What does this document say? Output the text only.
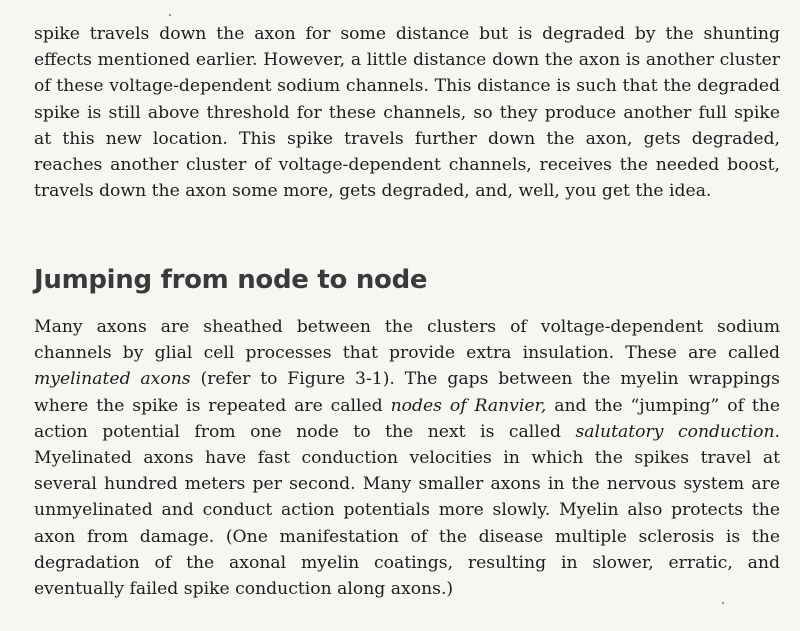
spike travels down the axon for some distance but is degraded by the shunting effects mentioned earlier. However, a little distance down the axon is another cluster of these voltage-dependent sodium channels. This distance is such that the degraded spike is still above threshold for these channels, so they produce another full spike at this new location. This spike travels further down the axon, gets degraded, reaches another cluster of voltage-dependent channels, receives the needed boost, travels down the axon some more, gets degraded, and, well, you get the idea.

Jumping from node to node

Many axons are sheathed between the clusters of voltage-dependent sodium channels by glial cell processes that provide extra insulation. These are called myelinated axons (refer to Figure 3-1). The gaps between the myelin wrappings where the spike is repeated are called nodes of Ranvier, and the “jumping” of the action potential from one node to the next is called salutatory conduction. Myelinated axons have fast conduction velocities in which the spikes travel at several hundred meters per second. Many smaller axons in the nervous system are unmyelinated and conduct action potentials more slowly. Myelin also protects the axon from damage. (One manifestation of the disease multiple sclerosis is the degradation of the axonal myelin coatings, resulting in slower, erratic, and eventually failed spike conduction along axons.)
